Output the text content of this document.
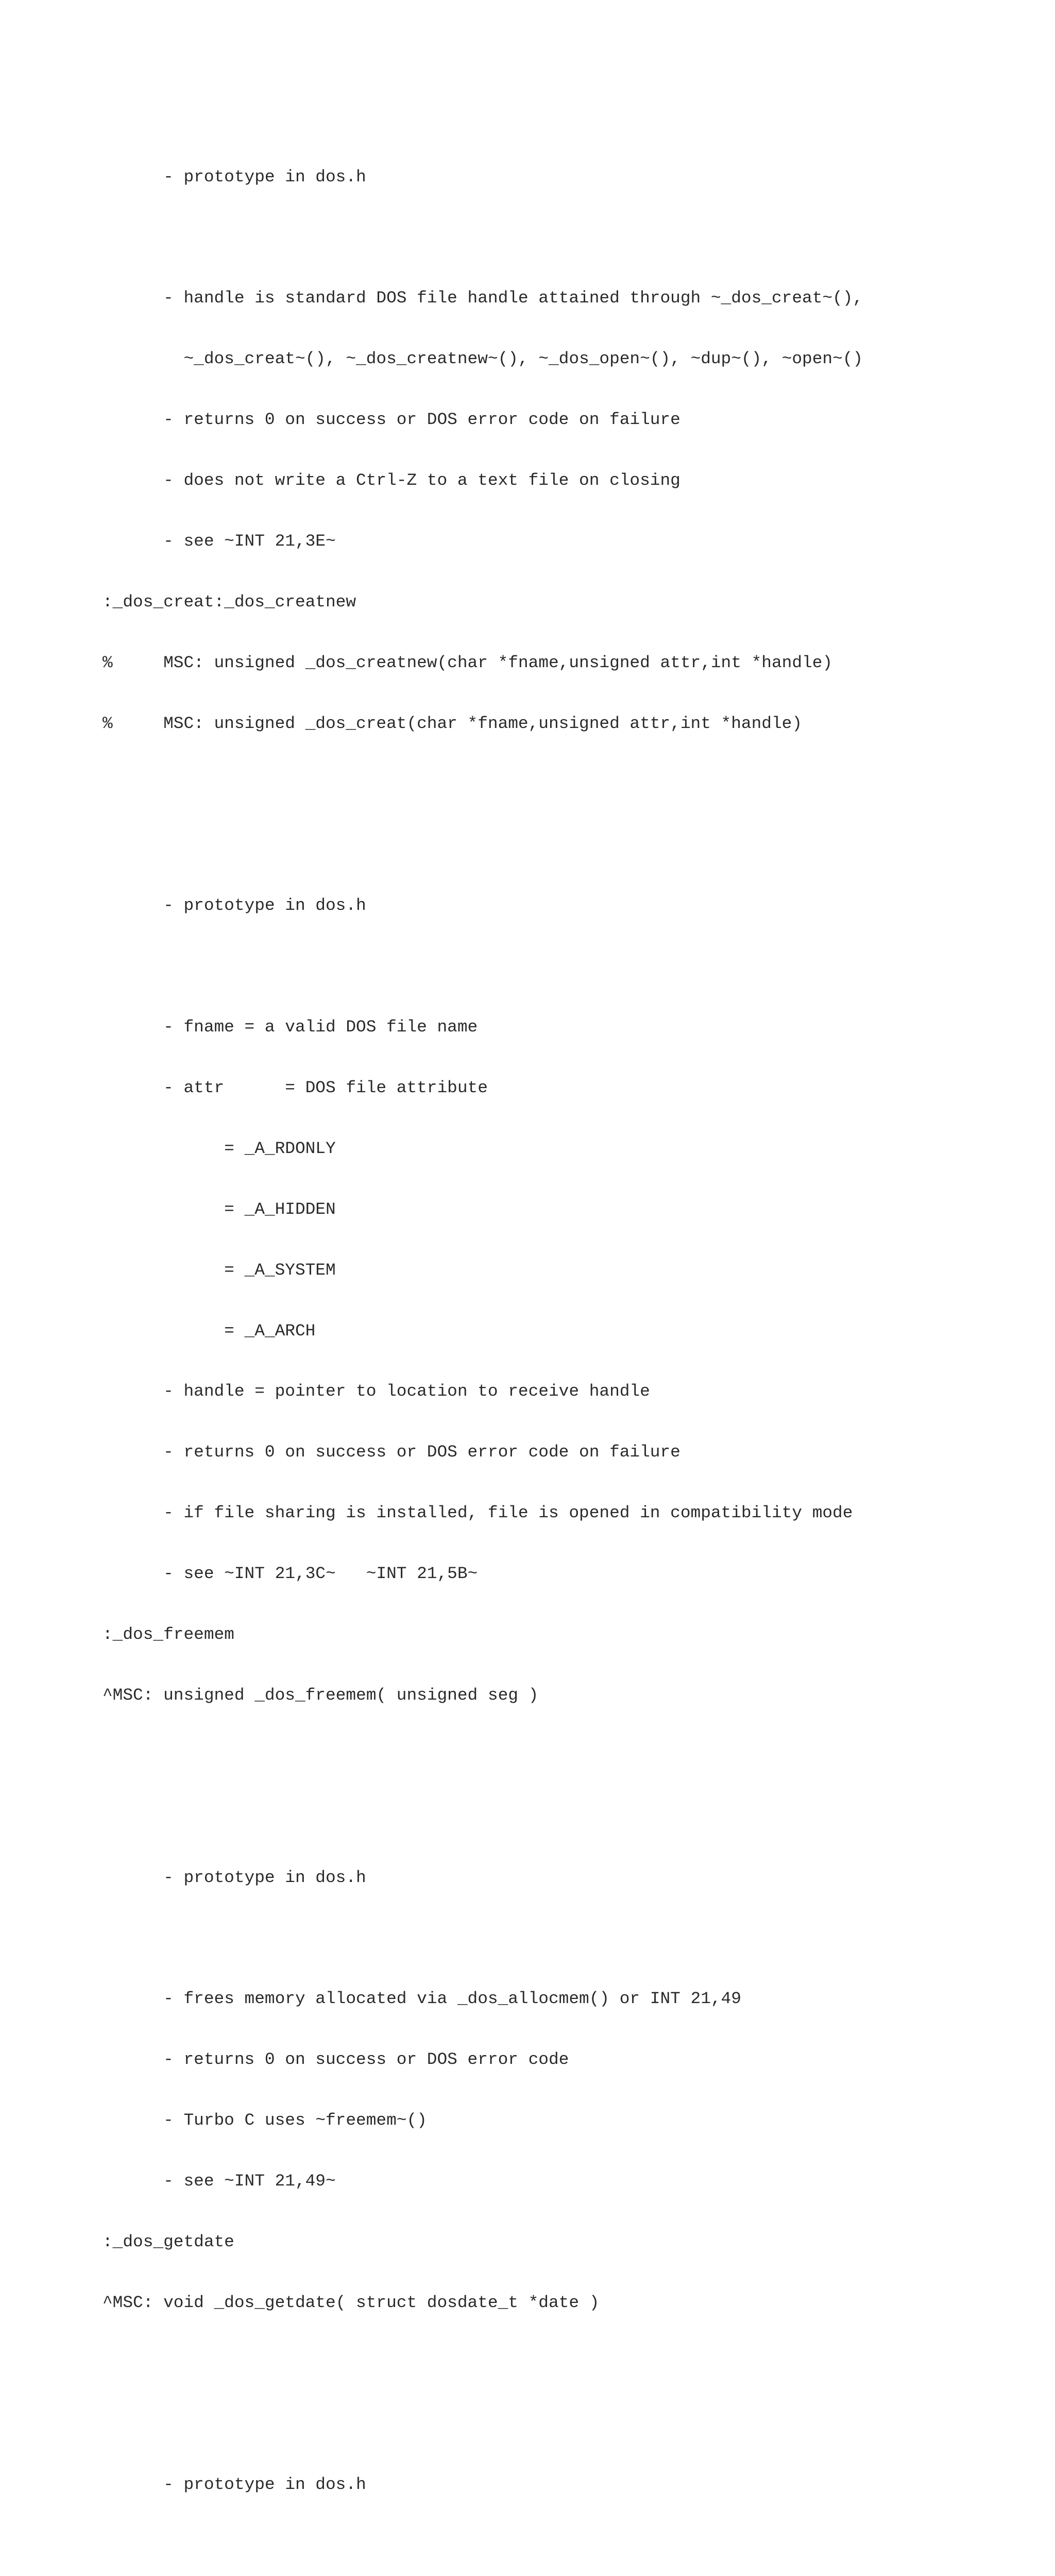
- prototype in dos.h

- handle is standard DOS file handle attained through ~_dos_creat~(),

~_dos_creat~(), ~_dos_creatnew~(), ~_dos_open~(), ~dup~(), ~open~()

- returns 0 on success or DOS error code on failure

- does not write a Ctrl-Z to a text file on closing

- see ~INT 21,3E~

:_dos_creat:_dos_creatnew

%     MSC: unsigned _dos_creatnew(char *fname,unsigned attr,int *handle)

%     MSC: unsigned _dos_creat(char *fname,unsigned attr,int *handle)

- prototype in dos.h

- fname = a valid DOS file name

- attr      = DOS file attribute

= _A_RDONLY

= _A_HIDDEN

= _A_SYSTEM

= _A_ARCH

- handle = pointer to location to receive handle

- returns 0 on success or DOS error code on failure

- if file sharing is installed, file is opened in compatibility mode

- see ~INT 21,3C~   ~INT 21,5B~

:_dos_freemem

^MSC: unsigned _dos_freemem( unsigned seg )

- prototype in dos.h

- frees memory allocated via _dos_allocmem() or INT 21,49

- returns 0 on success or DOS error code

- Turbo C uses ~freemem~()

- see ~INT 21,49~

:_dos_getdate

^MSC: void _dos_getdate( struct dosdate_t *date )

- prototype in dos.h
